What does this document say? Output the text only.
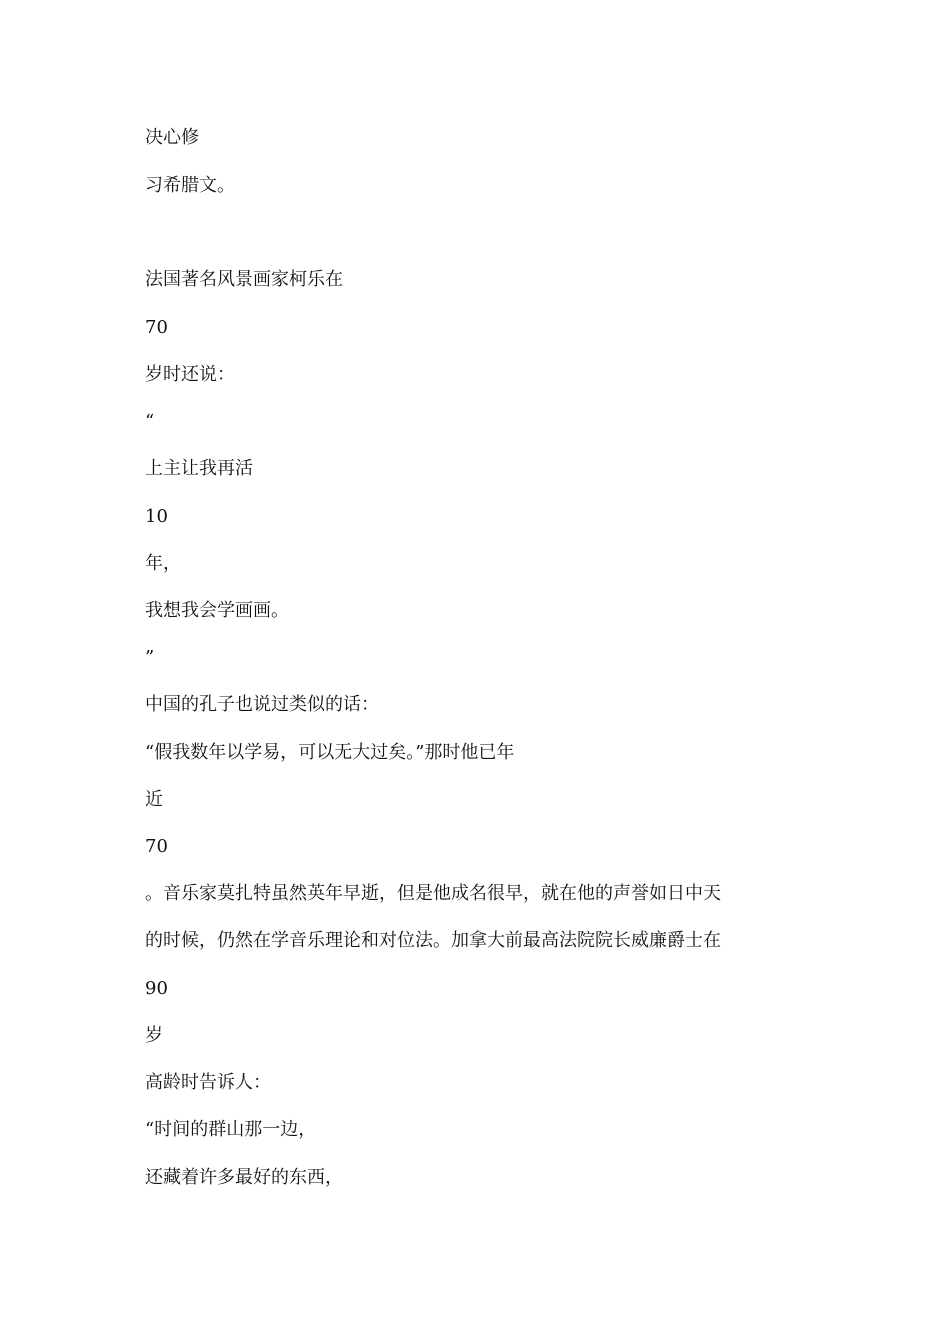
决心修

习希腊文。

法国著名风景画家柯乐在

70

岁时还说：

“

上主让我再活

10

年，

我想我会学画画。

”

中国的孔子也说过类似的话：

“假我数年以学易，可以无大过矣。”那时他已年

近

70

。音乐家莫扎特虽然英年早逝，但是他成名很早，就在他的声誉如日中天

的时候，仍然在学音乐理论和对位法。加拿大前最高法院院长威廉爵士在

90

岁

高龄时告诉人：

“时间的群山那一边，

还藏着许多最好的东西，
